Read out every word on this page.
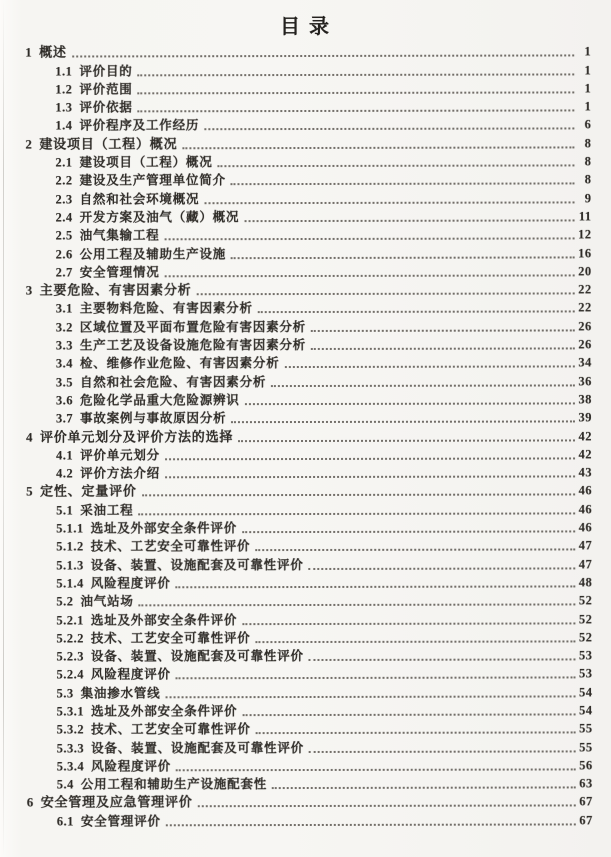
目 录
1 概述	1
1.1 评价目的	1
1.2 评价范围	1
1.3 评价依据	1
1.4 评价程序及工作经历	6
2 建设项目（工程）概况	8
2.1 建设项目（工程）概况	8
2.2 建设及生产管理单位简介	8
2.3 自然和社会环境概况	9
2.4 开发方案及油气（藏）概况	11
2.5 油气集输工程	12
2.6 公用工程及辅助生产设施	16
2.7 安全管理情况	20
3 主要危险、有害因素分析	22
3.1 主要物料危险、有害因素分析	22
3.2 区域位置及平面布置危险有害因素分析	26
3.3 生产工艺及设备设施危险有害因素分析	26
3.4 检、维修作业危险、有害因素分析	34
3.5 自然和社会危险、有害因素分析	36
3.6 危险化学品重大危险源辨识	38
3.7 事故案例与事故原因分析	39
4 评价单元划分及评价方法的选择	42
4.1 评价单元划分	42
4.2 评价方法介绍	43
5 定性、定量评价	46
5.1 采油工程	46
5.1.1 选址及外部安全条件评价	46
5.1.2 技术、工艺安全可靠性评价	47
5.1.3 设备、装置、设施配套及可靠性评价	47
5.1.4 风险程度评价	48
5.2 油气站场	52
5.2.1 选址及外部安全条件评价	52
5.2.2 技术、工艺安全可靠性评价	52
5.2.3 设备、装置、设施配套及可靠性评价	53
5.2.4 风险程度评价	53
5.3 集油掺水管线	54
5.3.1 选址及外部安全条件评价	54
5.3.2 技术、工艺安全可靠性评价	55
5.3.3 设备、装置、设施配套及可靠性评价	55
5.3.4 风险程度评价	56
5.4 公用工程和辅助生产设施配套性	63
6 安全管理及应急管理评价	67
6.1 安全管理评价	67
